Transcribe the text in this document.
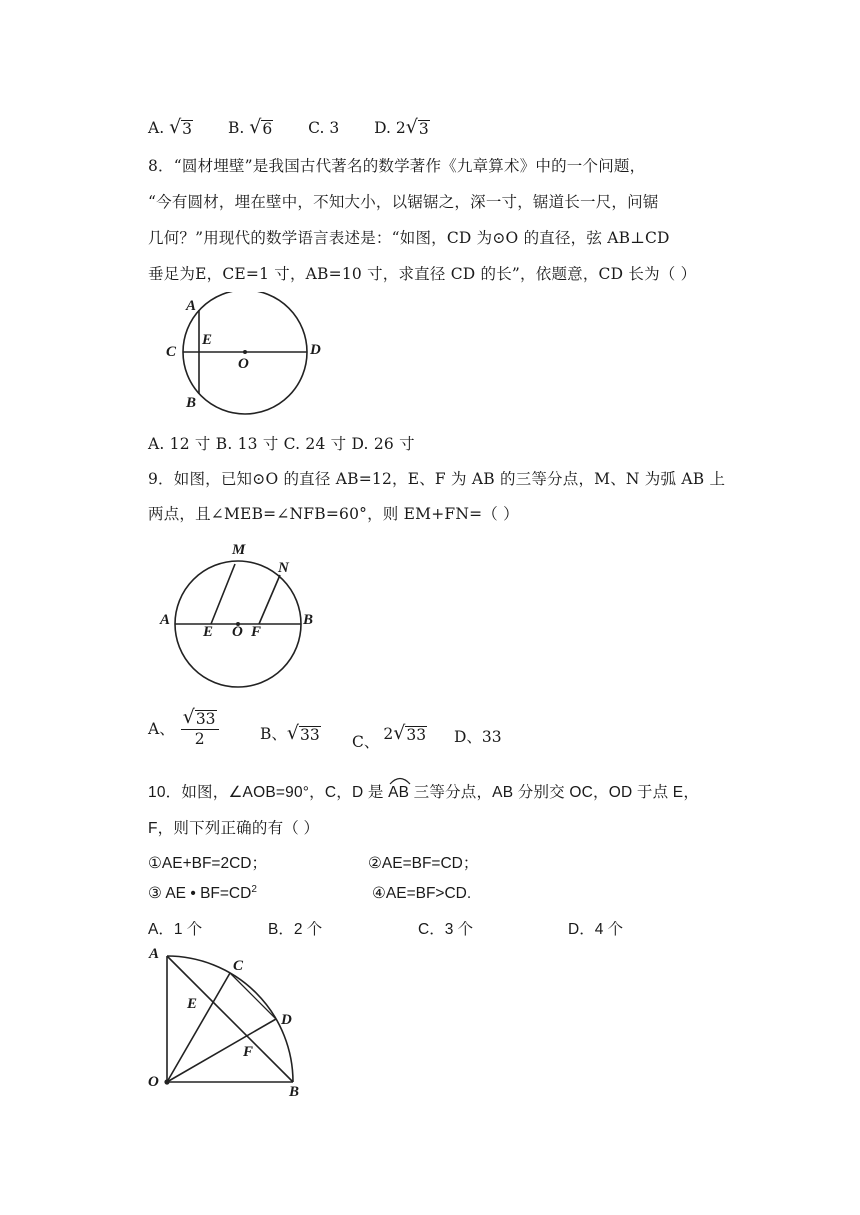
A. √ 3 B. √ 6 C. 3 D. 2 √ 3
8．“圆材埋壁”是我国古代著名的数学著作《九章算术》中的一个问题，
“今有圆材，埋在壁中，不知大小，以锯锯之，深一寸，锯道长一尺，问锯
几何？”用现代的数学语言表述是：“如图，CD 为⊙O 的直径，弦 AB⊥CD
垂足为E，CE=1 寸，AB=10 寸，求直径 CD 的长”，依题意，CD 长为（ ）
A
E
C
O
D
B
A. 12 寸 B. 13 寸 C. 24 寸 D. 26 寸
9．如图，已知⊙O 的直径 AB=12，E、F 为 AB 的三等分点，M、N 为弧 AB 上
两点，且∠MEB=∠NFB=60°，则 EM+FN=（ ）
M
N
A
E O F
B
A、 $\frac{√ 33}{2}$	B、 √ 33 C、 2 √ 33 D、33
10．如图，∠AOB=90°，C，D 是 AB 三等分点，AB 分别交 OC，OD 于点 E，
F，则下列正确的有（ ）
①AE+BF=2CD；	②AE=BF=CD；
③ AE • $BF=CD^2$	④AE=BF>CD.
A．1 个	B．2 个	C．3 个	D．4 个
A
C
E
D
F
O
B
